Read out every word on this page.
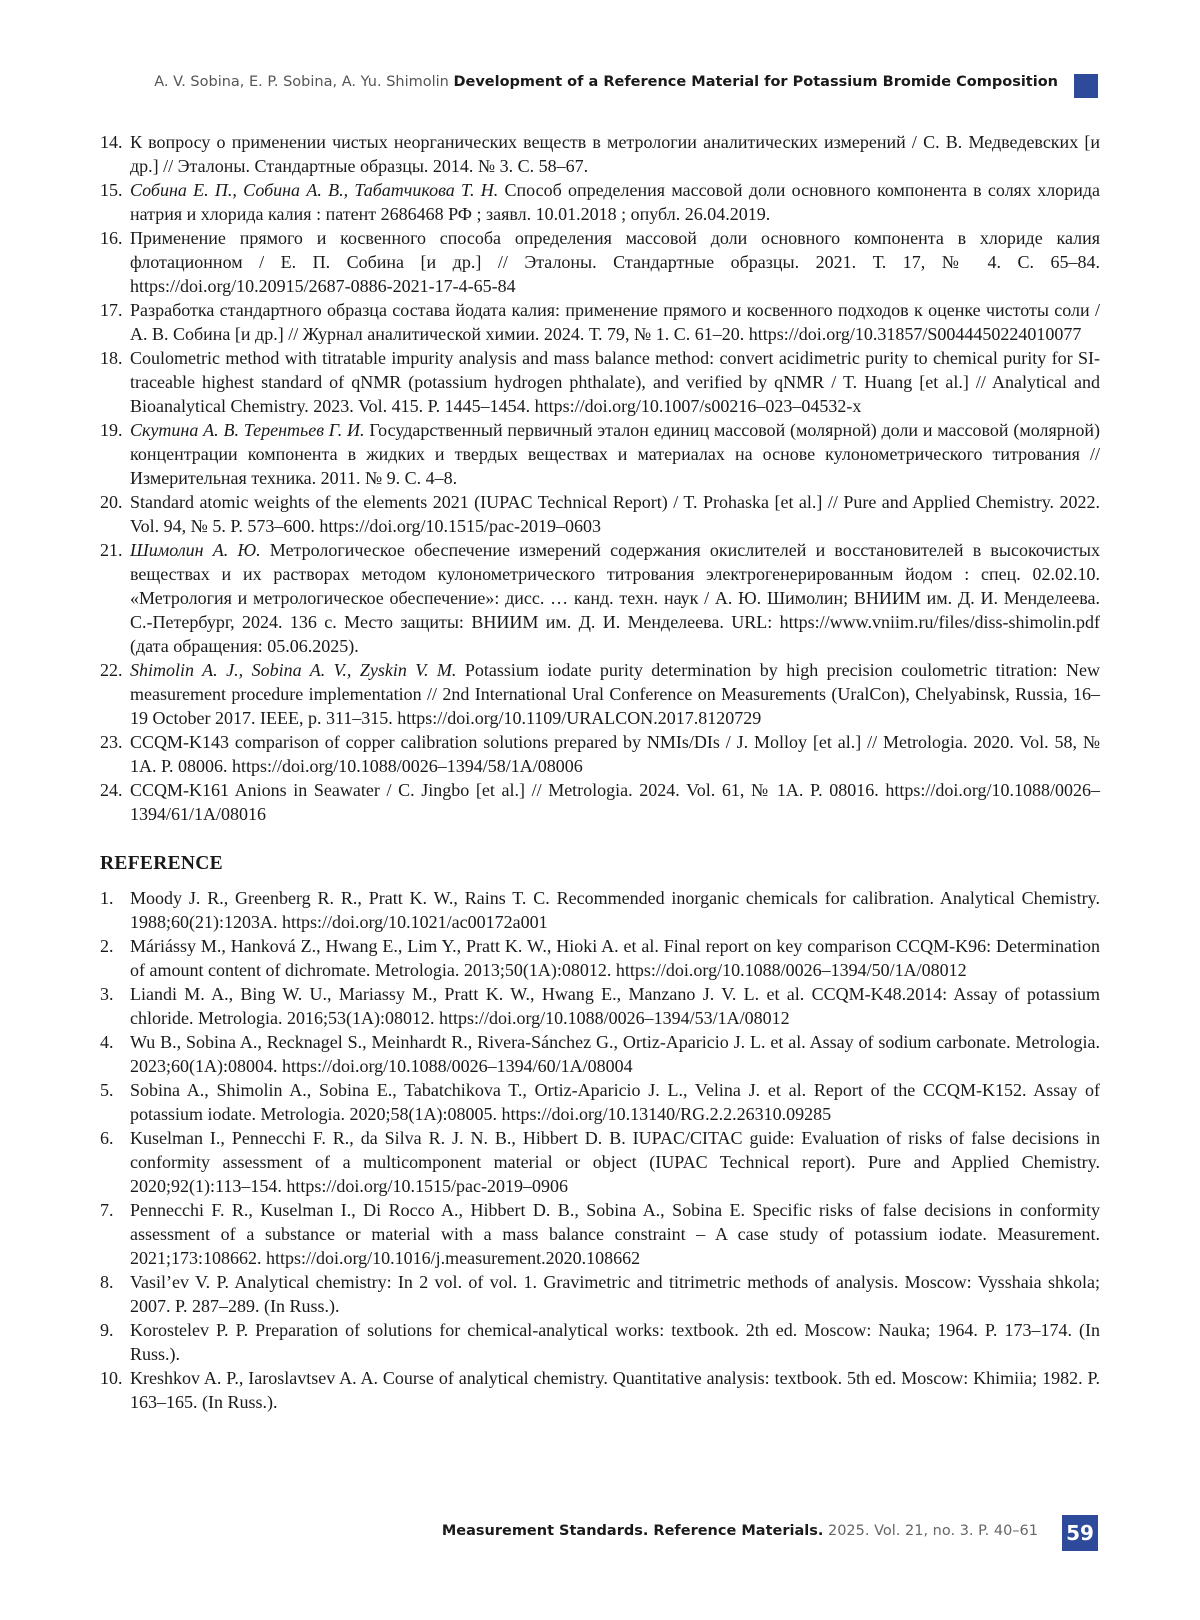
A. V. Sobina, E. P. Sobina, A. Yu. Shimolin Development of a Reference Material for Potassium Bromide Composition
14. К вопросу о применении чистых неорганических веществ в метрологии аналитических измерений / С. В. Медведевских [и др.] // Эталоны. Стандартные образцы. 2014. № 3. С. 58–67.
15. Собина Е. П., Собина А. В., Табатчикова Т. Н. Способ определения массовой доли основного компонента в солях хлорида натрия и хлорида калия : патент 2686468 РФ ; заявл. 10.01.2018 ; опубл. 26.04.2019.
16. Применение прямого и косвенного способа определения массовой доли основного компонента в хлориде калия флотационном / Е. П. Собина [и др.] // Эталоны. Стандартные образцы. 2021. Т. 17, № 4. С. 65–84. https://doi.org/10.20915/2687-0886-2021-17-4-65-84
17. Разработка стандартного образца состава йодата калия: применение прямого и косвенного подходов к оценке чистоты соли / А. В. Собина [и др.] // Журнал аналитической химии. 2024. Т. 79, № 1. С. 61–20. https://doi.org/10.31857/S0044450224010077
18. Coulometric method with titratable impurity analysis and mass balance method: convert acidimetric purity to chemical purity for SI-traceable highest standard of qNMR (potassium hydrogen phthalate), and verified by qNMR / T. Huang [et al.] // Analytical and Bioanalytical Chemistry. 2023. Vol. 415. P. 1445–1454. https://doi.org/10.1007/s00216–023–04532-x
19. Скутина А. В. Терентьев Г. И. Государственный первичный эталон единиц массовой (молярной) доли и массовой (молярной) концентрации компонента в жидких и твердых веществах и материалах на основе кулонометрического титрования // Измерительная техника. 2011. № 9. С. 4–8.
20. Standard atomic weights of the elements 2021 (IUPAC Technical Report) / T. Prohaska [et al.] // Pure and Applied Chemistry. 2022. Vol. 94, № 5. P. 573–600. https://doi.org/10.1515/pac-2019–0603
21. Шимолин А. Ю. Метрологическое обеспечение измерений содержания окислителей и восстановителей в высокочистых веществах и их растворах методом кулонометрического титрования электрогенерированным йодом : спец. 02.02.10. «Метрология и метрологическое обеспечение»: дисс. … канд. техн. наук / А. Ю. Шимолин; ВНИИМ им. Д. И. Менделеева. С.-Петербург, 2024. 136 с. Место защиты: ВНИИМ им. Д. И. Менделеева. URL: https://www.vniim.ru/files/diss-shimolin.pdf (дата обращения: 05.06.2025).
22. Shimolin A. J., Sobina A. V., Zyskin V. M. Potassium iodate purity determination by high precision coulometric titration: New measurement procedure implementation // 2nd International Ural Conference on Measurements (UralCon), Chelyabinsk, Russia, 16–19 October 2017. IEEE, p. 311–315. https://doi.org/10.1109/URALCON.2017.8120729
23. CCQM-K143 comparison of copper calibration solutions prepared by NMIs/DIs / J. Molloy [et al.] // Metrologia. 2020. Vol. 58, № 1A. P. 08006. https://doi.org/10.1088/0026–1394/58/1A/08006
24. CCQM-K161 Anions in Seawater / C. Jingbo [et al.] // Metrologia. 2024. Vol. 61, № 1A. P. 08016. https://doi.org/10.1088/0026–1394/61/1A/08016
REFERENCE
1. Moody J. R., Greenberg R. R., Pratt K. W., Rains T. C. Recommended inorganic chemicals for calibration. Analytical Chemistry. 1988;60(21):1203A. https://doi.org/10.1021/ac00172a001
2. Máriássy M., Hanková Z., Hwang E., Lim Y., Pratt K. W., Hioki A. et al. Final report on key comparison CCQM-K96: Determination of amount content of dichromate. Metrologia. 2013;50(1A):08012. https://doi.org/10.1088/0026–1394/50/1A/08012
3. Liandi M. A., Bing W. U., Mariassy M., Pratt K. W., Hwang E., Manzano J. V. L. et al. CCQM-K48.2014: Assay of potassium chloride. Metrologia. 2016;53(1A):08012. https://doi.org/10.1088/0026–1394/53/1A/08012
4. Wu B., Sobina A., Recknagel S., Meinhardt R., Rivera-Sánchez G., Ortiz-Aparicio J. L. et al. Assay of sodium carbonate. Metrologia. 2023;60(1A):08004. https://doi.org/10.1088/0026–1394/60/1A/08004
5. Sobina A., Shimolin A., Sobina E., Tabatchikova T., Ortiz-Aparicio J. L., Velina J. et al. Report of the CCQM-K152. Assay of potassium iodate. Metrologia. 2020;58(1A):08005. https://doi.org/10.13140/RG.2.2.26310.09285
6. Kuselman I., Pennecchi F. R., da Silva R. J. N. B., Hibbert D. B. IUPAC/CITAC guide: Evaluation of risks of false decisions in conformity assessment of a multicomponent material or object (IUPAC Technical report). Pure and Applied Chemistry. 2020;92(1):113–154. https://doi.org/10.1515/pac-2019–0906
7. Pennecchi F. R., Kuselman I., Di Rocco A., Hibbert D. B., Sobina A., Sobina E. Specific risks of false decisions in conformity assessment of a substance or material with a mass balance constraint – A case study of potassium iodate. Measurement. 2021;173:108662. https://doi.org/10.1016/j.measurement.2020.108662
8. Vasil’ev V. P. Analytical chemistry: In 2 vol. of vol. 1. Gravimetric and titrimetric methods of analysis. Moscow: Vysshaia shkola; 2007. P. 287–289. (In Russ.).
9. Korostelev P. P. Preparation of solutions for chemical-analytical works: textbook. 2th ed. Moscow: Nauka; 1964. P. 173–174. (In Russ.).
10. Kreshkov A. P., Iaroslavtsev A. A. Course of analytical chemistry. Quantitative analysis: textbook. 5th ed. Moscow: Khimiia; 1982. P. 163–165. (In Russ.).
Measurement Standards. Reference Materials. 2025. Vol. 21, no. 3. P. 40–61 59
